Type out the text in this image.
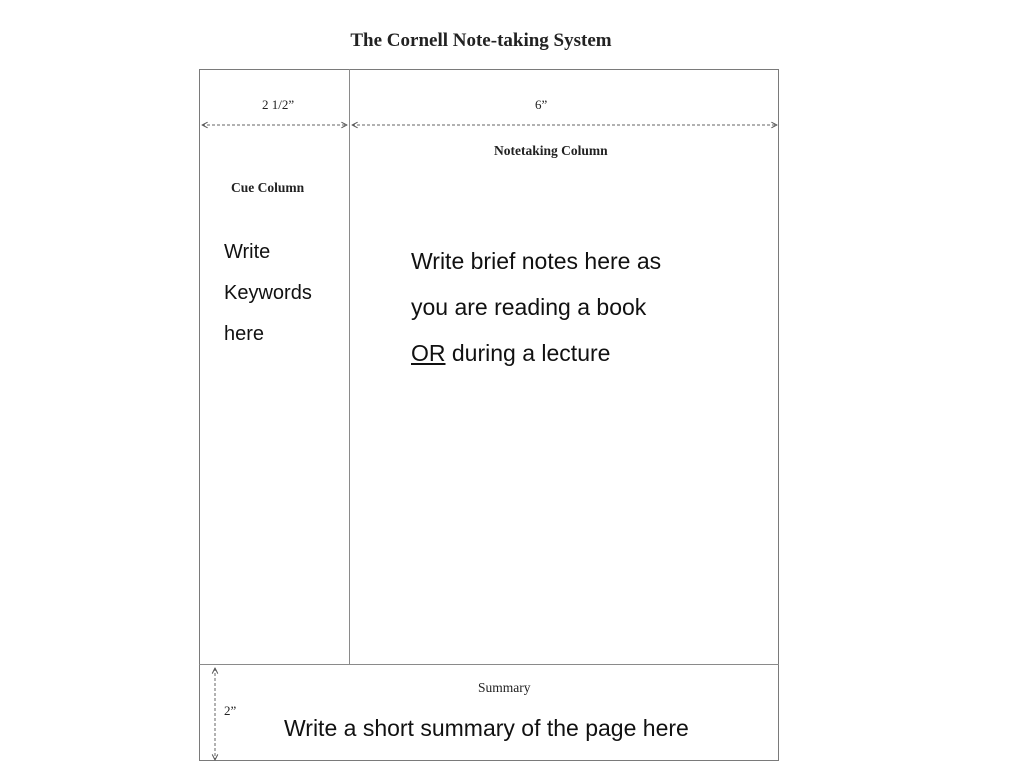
The Cornell Note-taking System
2 1/2”	6”
2”
Cue Column
Notetaking Column
Summary
Write
Keywords
here
Write brief notes here as
you are reading a book
OR during a lecture
Write a short summary of the page here
